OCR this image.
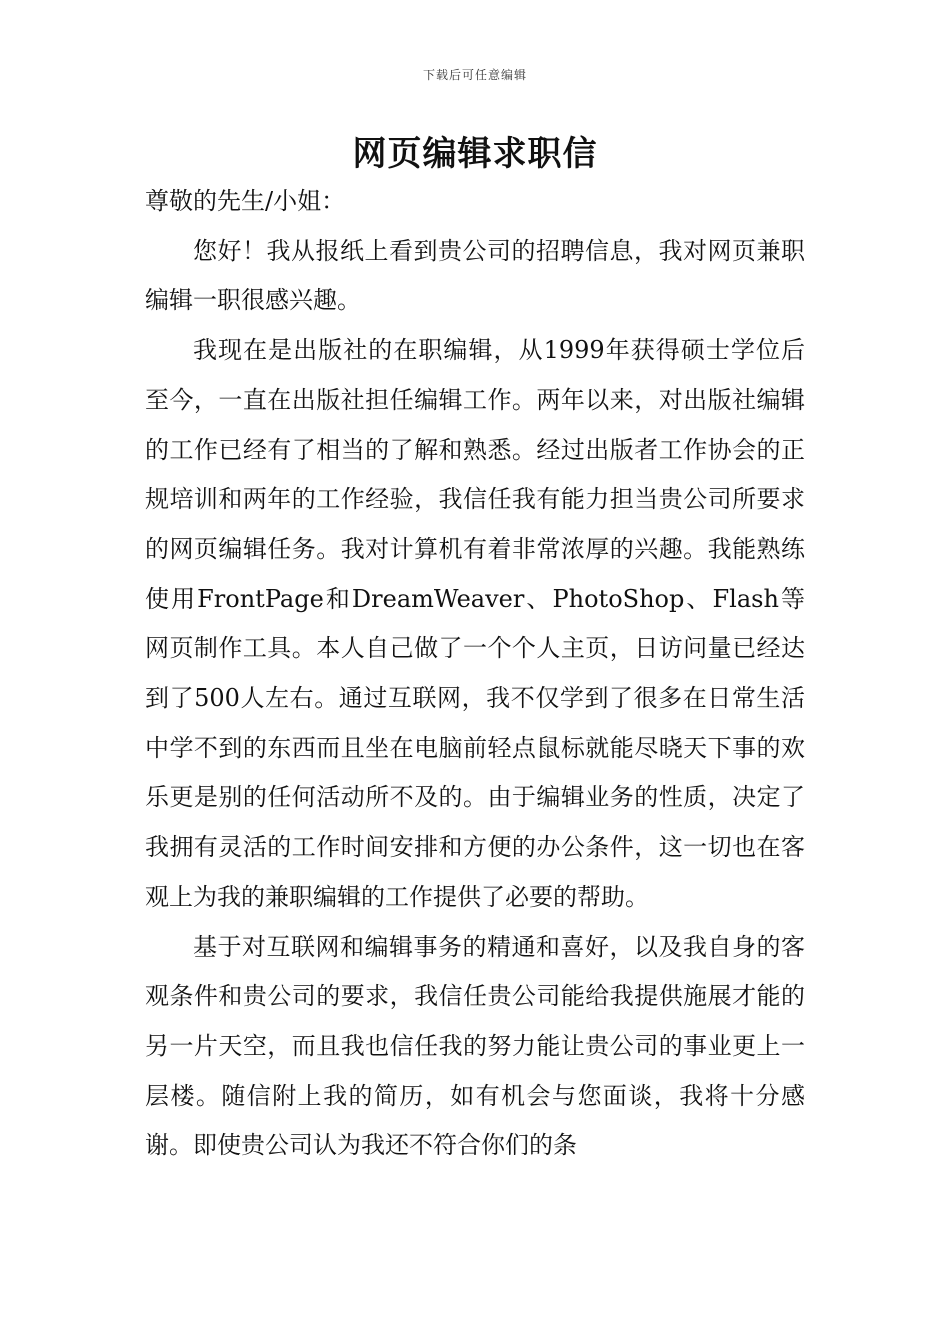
下载后可任意编辑
网页编辑求职信

尊敬的先生/小姐：

您好！我从报纸上看到贵公司的招聘信息，我对网页兼职编辑一职很感兴趣。

我现在是出版社的在职编辑，从1999年获得硕士学位后至今，一直在出版社担任编辑工作。两年以来，对出版社编辑的工作已经有了相当的了解和熟悉。经过出版者工作协会的正规培训和两年的工作经验，我信任我有能力担当贵公司所要求的网页编辑任务。我对计算机有着非常浓厚的兴趣。我能熟练使用FrontPage和DreamWeaver、PhotoShop、Flash等网页制作工具。本人自己做了一个个人主页，日访问量已经达到了500人左右。通过互联网，我不仅学到了很多在日常生活中学不到的东西而且坐在电脑前轻点鼠标就能尽晓天下事的欢乐更是别的任何活动所不及的。由于编辑业务的性质，决定了我拥有灵活的工作时间安排和方便的办公条件，这一切也在客观上为我的兼职编辑的工作提供了必要的帮助。

基于对互联网和编辑事务的精通和喜好，以及我自身的客观条件和贵公司的要求，我信任贵公司能给我提供施展才能的另一片天空，而且我也信任我的努力能让贵公司的事业更上一层楼。随信附上我的简历，如有机会与您面谈，我将十分感谢。即使贵公司认为我还不符合你们的条
